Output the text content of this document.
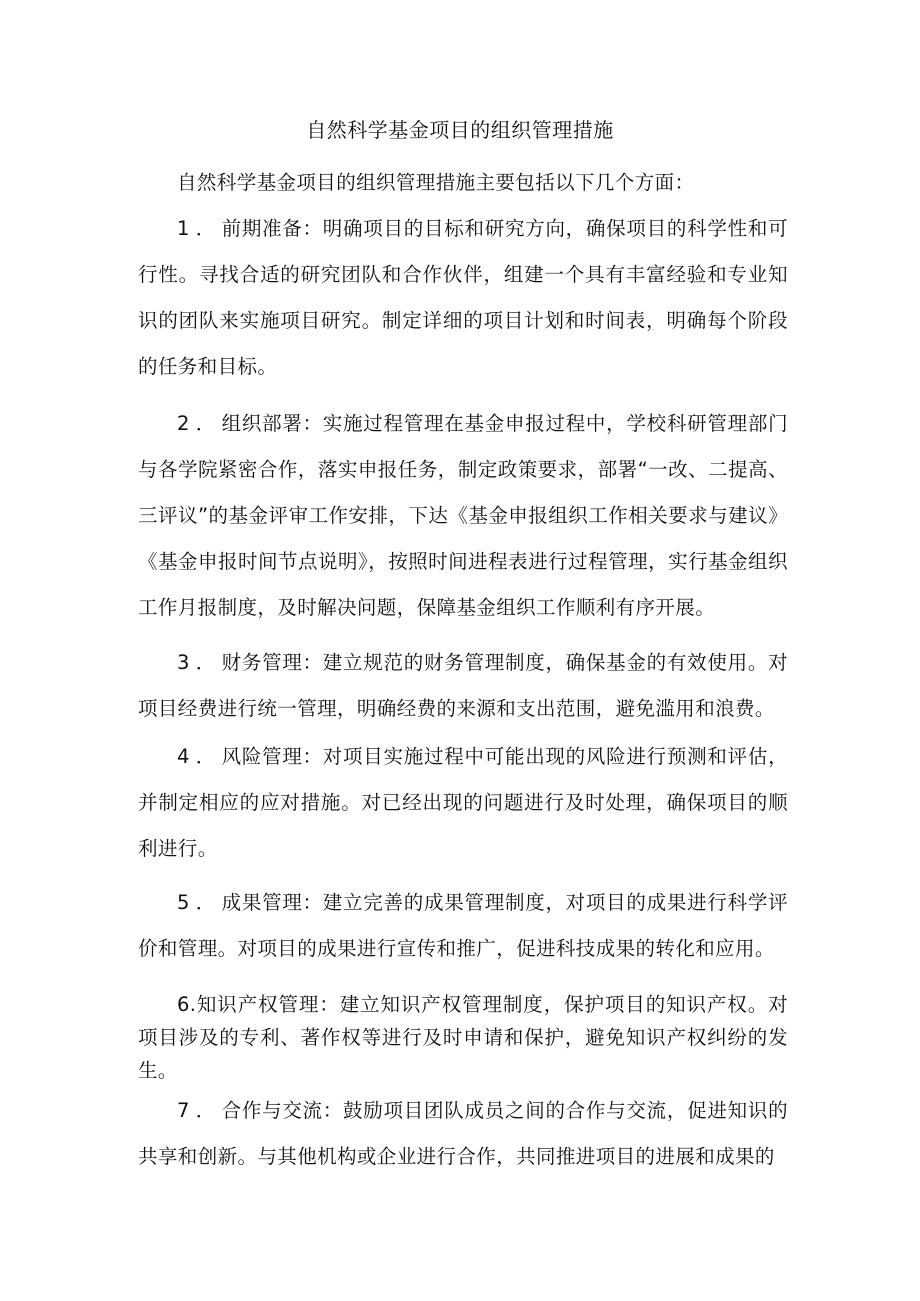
自然科学基金项目的组织管理措施

自然科学基金项目的组织管理措施主要包括以下几个方面：

1．前期准备：明确项目的目标和研究方向，确保项目的科学性和可行性。寻找合适的研究团队和合作伙伴，组建一个具有丰富经验和专业知识的团队来实施项目研究。制定详细的项目计划和时间表，明确每个阶段的任务和目标。

2．组织部署：实施过程管理在基金申报过程中，学校科研管理部门与各学院紧密合作，落实申报任务，制定政策要求，部署“一改、二提高、三评议”的基金评审工作安排，下达《基金申报组织工作相关要求与建议》《基金申报时间节点说明》，按照时间进程表进行过程管理，实行基金组织工作月报制度，及时解决问题，保障基金组织工作顺利有序开展。

3．财务管理：建立规范的财务管理制度，确保基金的有效使用。对项目经费进行统一管理，明确经费的来源和支出范围，避免滥用和浪费。

4．风险管理：对项目实施过程中可能出现的风险进行预测和评估，并制定相应的应对措施。对已经出现的问题进行及时处理，确保项目的顺利进行。

5．成果管理：建立完善的成果管理制度，对项目的成果进行科学评价和管理。对项目的成果进行宣传和推广，促进科技成果的转化和应用。

6.知识产权管理：建立知识产权管理制度，保护项目的知识产权。对项目涉及的专利、著作权等进行及时申请和保护，避免知识产权纠纷的发生。

7．合作与交流：鼓励项目团队成员之间的合作与交流，促进知识的共享和创新。与其他机构或企业进行合作，共同推进项目的进展和成果的
